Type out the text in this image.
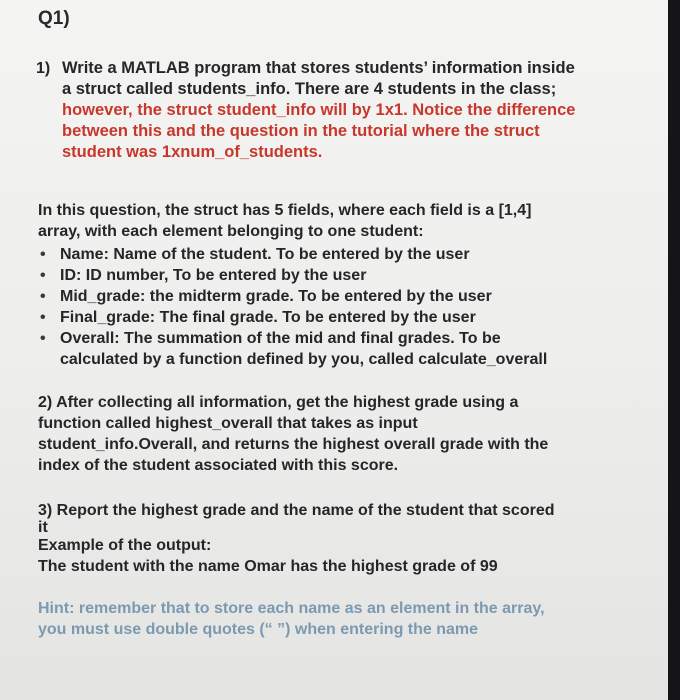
Q1)
1) Write a MATLAB program that stores students’ information inside
a struct called students_info. There are 4 students in the class;
however, the struct student_info will by 1x1. Notice the difference
between this and the question in the tutorial where the struct
student was 1xnum_of_students.
In this question, the struct has 5 fields, where each field is a [1,4]
array, with each element belonging to one student:
• Name: Name of the student. To be entered by the user
• ID: ID number, To be entered by the user
• Mid_grade: the midterm grade. To be entered by the user
• Final_grade: The final grade. To be entered by the user
• Overall: The summation of the mid and final grades. To be
calculated by a function defined by you, called calculate_overall
2) After collecting all information, get the highest grade using a
function called highest_overall that takes as input
student_info.Overall, and returns the highest overall grade with the
index of the student associated with this score.
3) Report the highest grade and the name of the student that scored
it
Example of the output:
The student with the name Omar has the highest grade of 99
Hint: remember that to store each name as an element in the array,
you must use double quotes (“ ”) when entering the name
